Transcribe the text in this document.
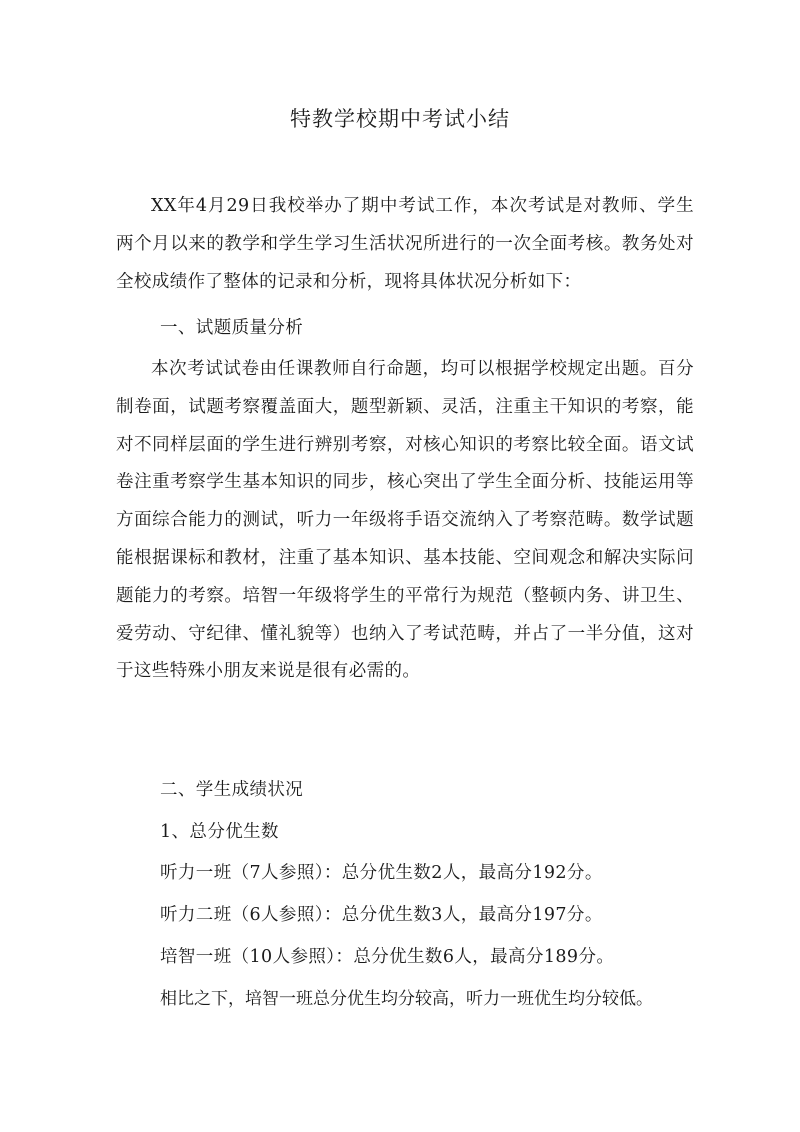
特教学校期中考试小结

XX年4月29日我校举办了期中考试工作，本次考试是对教师、学生两个月以来的教学和学生学习生活状况所进行的一次全面考核。教务处对全校成绩作了整体的记录和分析，现将具体状况分析如下：

一、试题质量分析

本次考试试卷由任课教师自行命题，均可以根据学校规定出题。百分制卷面，试题考察覆盖面大，题型新颖、灵活，注重主干知识的考察，能对不同样层面的学生进行辨别考察，对核心知识的考察比较全面。语文试卷注重考察学生基本知识的同步，核心突出了学生全面分析、技能运用等方面综合能力的测试，听力一年级将手语交流纳入了考察范畴。数学试题能根据课标和教材，注重了基本知识、基本技能、空间观念和解决实际问题能力的考察。培智一年级将学生的平常行为规范（整顿内务、讲卫生、爱劳动、守纪律、懂礼貌等）也纳入了考试范畴，并占了一半分值，这对于这些特殊小朋友来说是很有必需的。

二、学生成绩状况
1、总分优生数
听力一班（7人参照）：总分优生数2人，最高分192分。
听力二班（6人参照）：总分优生数3人，最高分197分。
培智一班（10人参照）：总分优生数6人，最高分189分。
相比之下，培智一班总分优生均分较高，听力一班优生均分较低。
